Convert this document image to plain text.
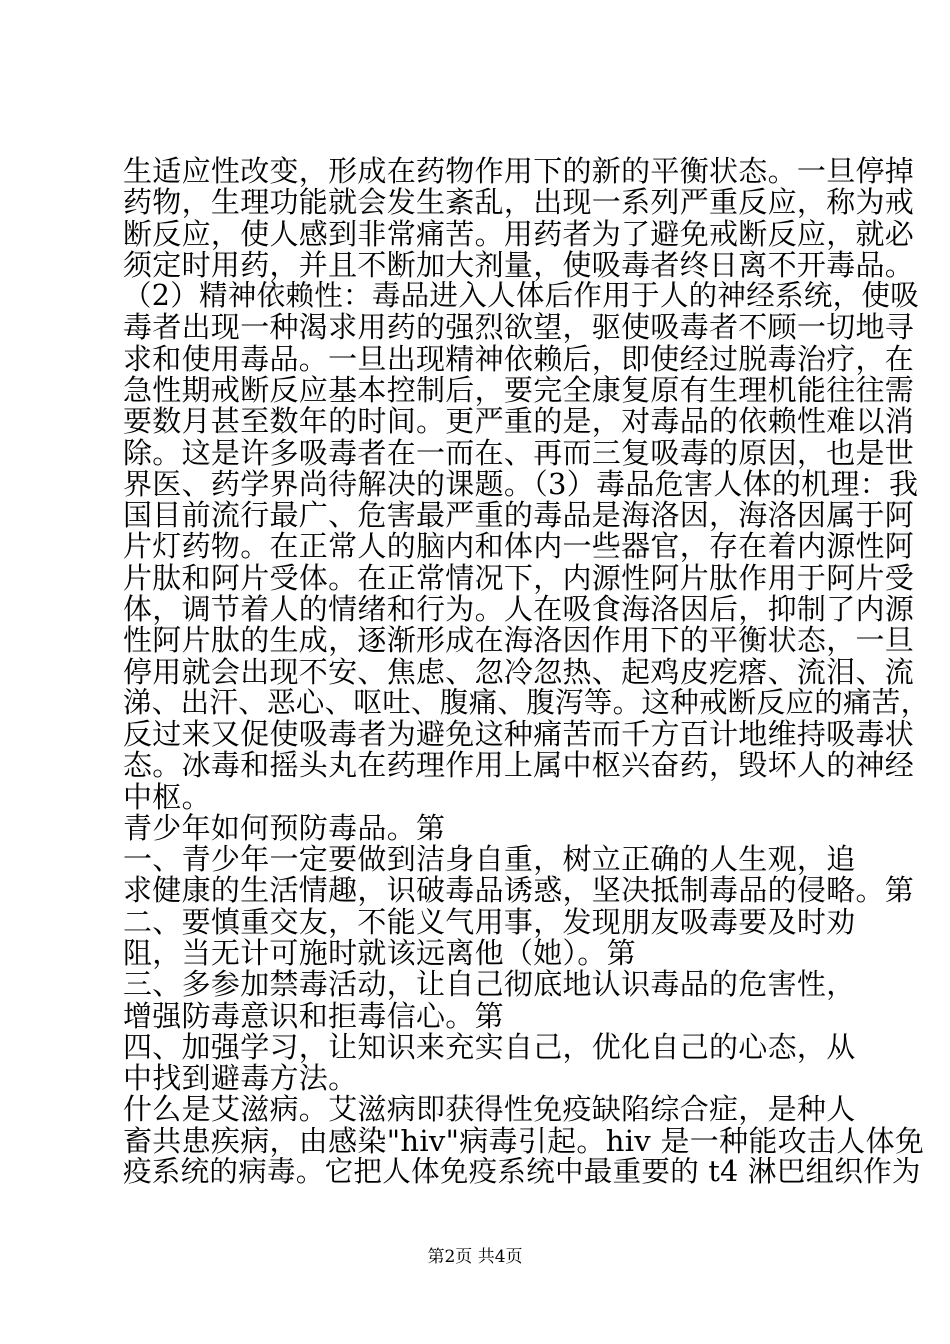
生适应性改变，形成在药物作用下的新的平衡状态。一旦停掉
药物，生理功能就会发生紊乱，出现一系列严重反应，称为戒
断反应，使人感到非常痛苦。用药者为了避免戒断反应，就必
须定时用药，并且不断加大剂量，使吸毒者终日离不开毒品。
（2）精神依赖性：毒品进入人体后作用于人的神经系统，使吸
毒者出现一种渴求用药的强烈欲望，驱使吸毒者不顾一切地寻
求和使用毒品。一旦出现精神依赖后，即使经过脱毒治疗，在
急性期戒断反应基本控制后，要完全康复原有生理机能往往需
要数月甚至数年的时间。更严重的是，对毒品的依赖性难以消
除。这是许多吸毒者在一而在、再而三复吸毒的原因，也是世
界医、药学界尚待解决的课题。（3）毒品危害人体的机理：我
国目前流行最广、危害最严重的毒品是海洛因，海洛因属于阿
片灯药物。在正常人的脑内和体内一些器官，存在着内源性阿
片肽和阿片受体。在正常情况下，内源性阿片肽作用于阿片受
体，调节着人的情绪和行为。人在吸食海洛因后，抑制了内源
性阿片肽的生成，逐渐形成在海洛因作用下的平衡状态，一旦
停用就会出现不安、焦虑、忽冷忽热、起鸡皮疙瘩、流泪、流
涕、出汗、恶心、呕吐、腹痛、腹泻等。这种戒断反应的痛苦，
反过来又促使吸毒者为避免这种痛苦而千方百计地维持吸毒状
态。冰毒和摇头丸在药理作用上属中枢兴奋药，毁坏人的神经
中枢。
青少年如何预防毒品。第
一、青少年一定要做到洁身自重，树立正确的人生观，追
求健康的生活情趣，识破毒品诱惑，坚决抵制毒品的侵略。第
二、要慎重交友，不能义气用事，发现朋友吸毒要及时劝
阻，当无计可施时就该远离他（她）。第
三、多参加禁毒活动，让自己彻底地认识毒品的危害性，
增强防毒意识和拒毒信心。第
四、加强学习，让知识来充实自己，优化自己的心态，从
中找到避毒方法。
什么是艾滋病。艾滋病即获得性免疫缺陷综合症，是种人
畜共患疾病，由感染"hiv"病毒引起。hiv 是一种能攻击人体免
疫系统的病毒。它把人体免疫系统中最重要的 t4 淋巴组织作为
第2页 共4页
